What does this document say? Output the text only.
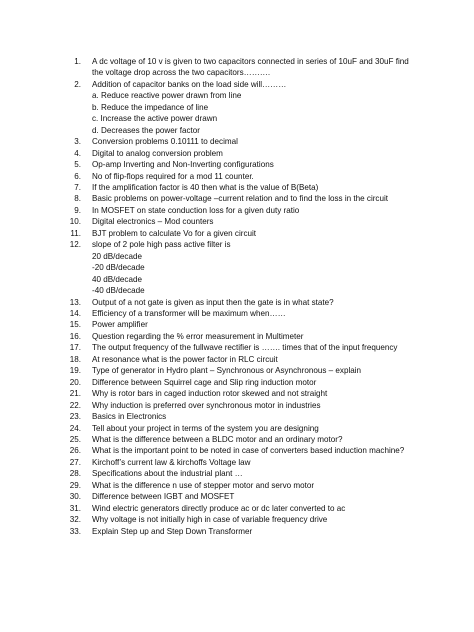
1. A dc voltage of 10 v is given to two capacitors connected in series of 10uF and 30uF find the voltage drop across the two capacitors……….
2. Addition of capacitor banks on the load side will………
a. Reduce reactive power drawn from line
b. Reduce the impedance of line
c. Increase the active power drawn
d. Decreases the power factor
3. Conversion problems 0.10111 to decimal
4. Digital to analog conversion problem
5. Op-amp Inverting and Non-Inverting configurations
6. No of flip-flops required for a mod 11 counter.
7. If the amplification factor is 40 then what is the value of B(Beta)
8. Basic problems on power-voltage –current relation and to find the loss in the circuit
9. In MOSFET on state conduction loss for a given duty ratio
10. Digital electronics – Mod counters
11. BJT problem to calculate Vo for a given circuit
12. slope of 2 pole high pass active filter is
20 dB/decade
-20 dB/decade
40 dB/decade
-40 dB/decade
13. Output of a not gate is given as input then the gate is in what state?
14. Efficiency of a transformer will be maximum when……
15. Power amplifier
16. Question regarding the % error measurement in Multimeter
17. The output frequency of the fullwave rectifier is ……. times that of the input frequency
18. At resonance what is the power factor in RLC circuit
19. Type of generator in Hydro plant – Synchronous or Asynchronous – explain
20. Difference between Squirrel cage and Slip ring induction motor
21. Why is rotor bars in caged induction rotor skewed and not straight
22. Why induction is preferred over synchronous motor in industries
23. Basics in Electronics
24. Tell about your project in terms of the system you are designing
25. What is the difference between a BLDC motor and an ordinary motor?
26. What is the important point to be noted in case of converters based induction machine?
27. Kirchoff’s current law & kirchoffs Voltage law
28. Specifications about the industrial plant …
29. What is the difference n use of stepper motor and servo motor
30. Difference between IGBT and MOSFET
31. Wind electric generators directly produce ac or dc later converted to ac
32. Why voltage is not initially high in case of variable frequency drive
33. Explain Step up and Step Down Transformer
